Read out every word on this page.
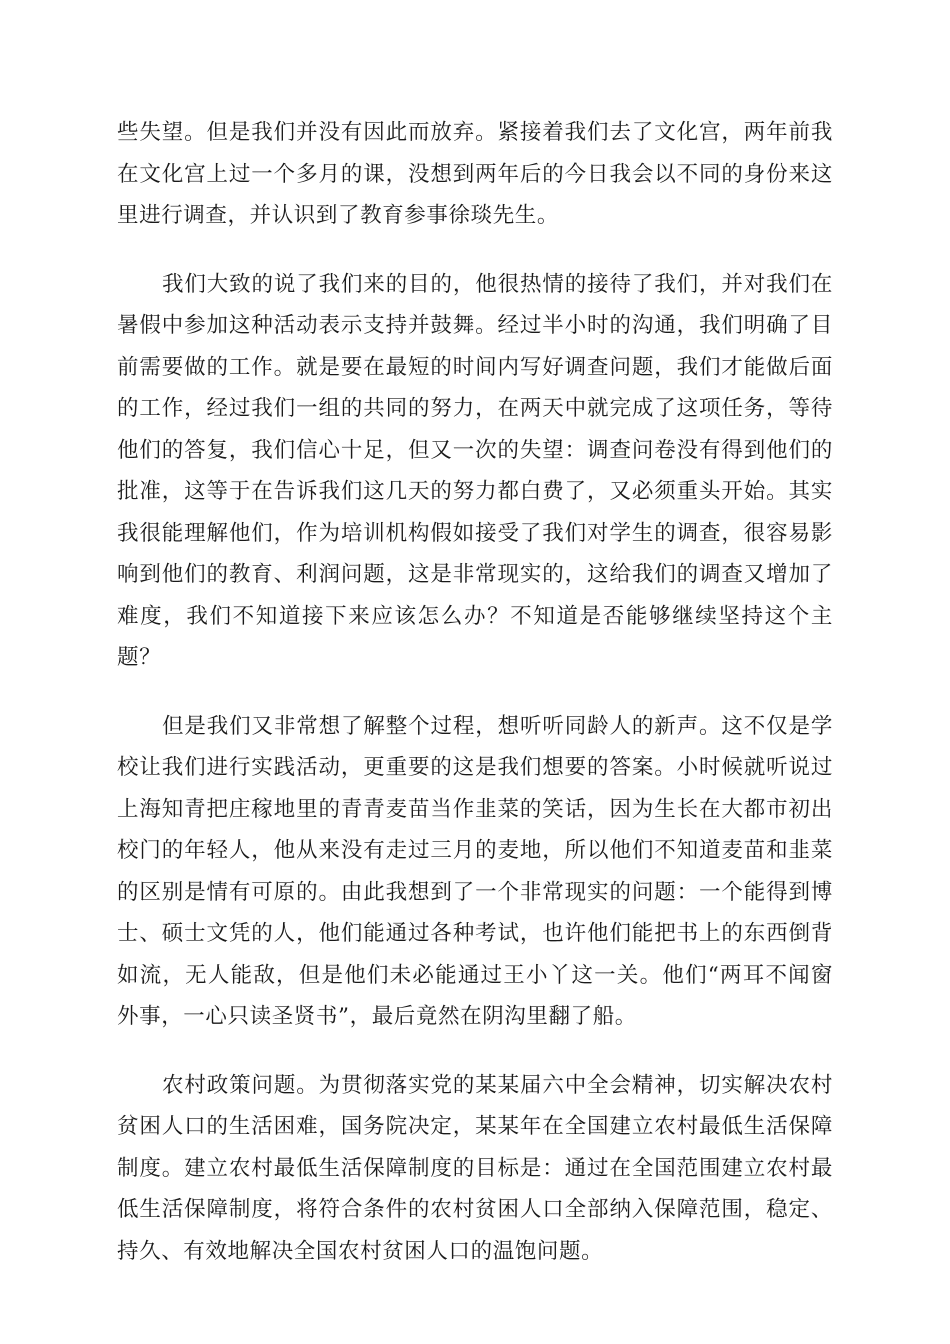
些失望。但是我们并没有因此而放弃。紧接着我们去了文化宫，两年前我在文化宫上过一个多月的课，没想到两年后的今日我会以不同的身份来这里进行调查，并认识到了教育参事徐琰先生。

我们大致的说了我们来的目的，他很热情的接待了我们，并对我们在暑假中参加这种活动表示支持并鼓舞。经过半小时的沟通，我们明确了目前需要做的工作。就是要在最短的时间内写好调查问题，我们才能做后面的工作，经过我们一组的共同的努力，在两天中就完成了这项任务，等待他们的答复，我们信心十足，但又一次的失望：调查问卷没有得到他们的批准，这等于在告诉我们这几天的努力都白费了，又必须重头开始。其实我很能理解他们，作为培训机构假如接受了我们对学生的调查，很容易影响到他们的教育、利润问题，这是非常现实的，这给我们的调查又增加了难度，我们不知道接下来应该怎么办？不知道是否能够继续坚持这个主题？

但是我们又非常想了解整个过程，想听听同龄人的新声。这不仅是学校让我们进行实践活动，更重要的这是我们想要的答案。小时候就听说过上海知青把庄稼地里的青青麦苗当作韭菜的笑话，因为生长在大都市初出校门的年轻人，他从来没有走过三月的麦地，所以他们不知道麦苗和韭菜的区别是情有可原的。由此我想到了一个非常现实的问题：一个能得到博士、硕士文凭的人，他们能通过各种考试，也许他们能把书上的东西倒背如流，无人能敌，但是他们未必能通过王小丫这一关。他们“两耳不闻窗外事，一心只读圣贤书”，最后竟然在阴沟里翻了船。

农村政策问题。为贯彻落实党的某某届六中全会精神，切实解决农村贫困人口的生活困难，国务院决定，某某年在全国建立农村最低生活保障制度。建立农村最低生活保障制度的目标是：通过在全国范围建立农村最低生活保障制度，将符合条件的农村贫困人口全部纳入保障范围，稳定、持久、有效地解决全国农村贫困人口的温饱问题。
